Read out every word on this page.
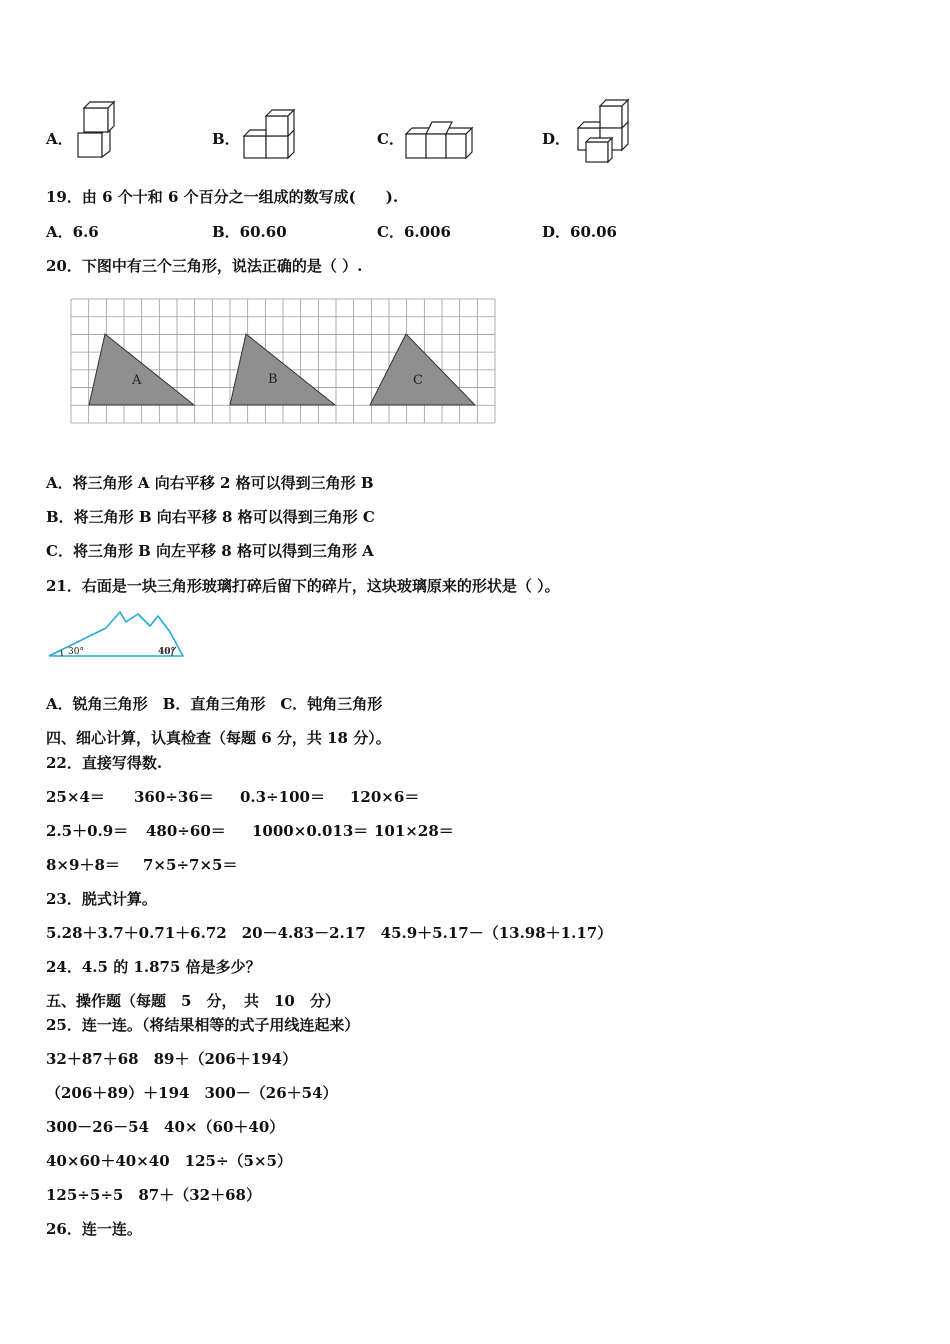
A．	B．	C．	D．
19．由 6 个十和 6 个百分之一组成的数写成(　　).
A．6.6	B．60.60	C．6.006	D．60.06
20．下图中有三个三角形，说法正确的是（ ）.
A	B	C
A．将三角形 A 向右平移 2 格可以得到三角形 B
B．将三角形 B 向右平移 8 格可以得到三角形 C
C．将三角形 B 向左平移 8 格可以得到三角形 A
21．右面是一块三角形玻璃打碎后留下的碎片，这块玻璃原来的形状是（ ）。
30°	40°
A．锐角三角形　B．直角三角形　C．钝角三角形
四、细心计算，认真检查（每题 6 分，共 18 分）。
22．直接写得数.
25×4＝ 360÷36＝ 0.3÷100＝ 120×6＝
2.5＋0.9＝ 480÷60＝ 1000×0.013＝ 101×28＝
8×9＋8＝ 7×5÷7×5＝
23．脱式计算。
5.28＋3.7＋0.71＋6.72　20－4.83－2.17　45.9＋5.17－（13.98＋1.17）
24．4.5 的 1.875 倍是多少？
五、操作题（每题　5　分，　共　10　分）
25．连一连。（将结果相等的式子用线连起来）
32＋87＋68　89＋（206＋194）
（206＋89）＋194　300－（26＋54）
300－26－54　40×（60＋40）
40×60＋40×40　125÷（5×5）
125÷5÷5　87＋（32＋68）
26．连一连。
